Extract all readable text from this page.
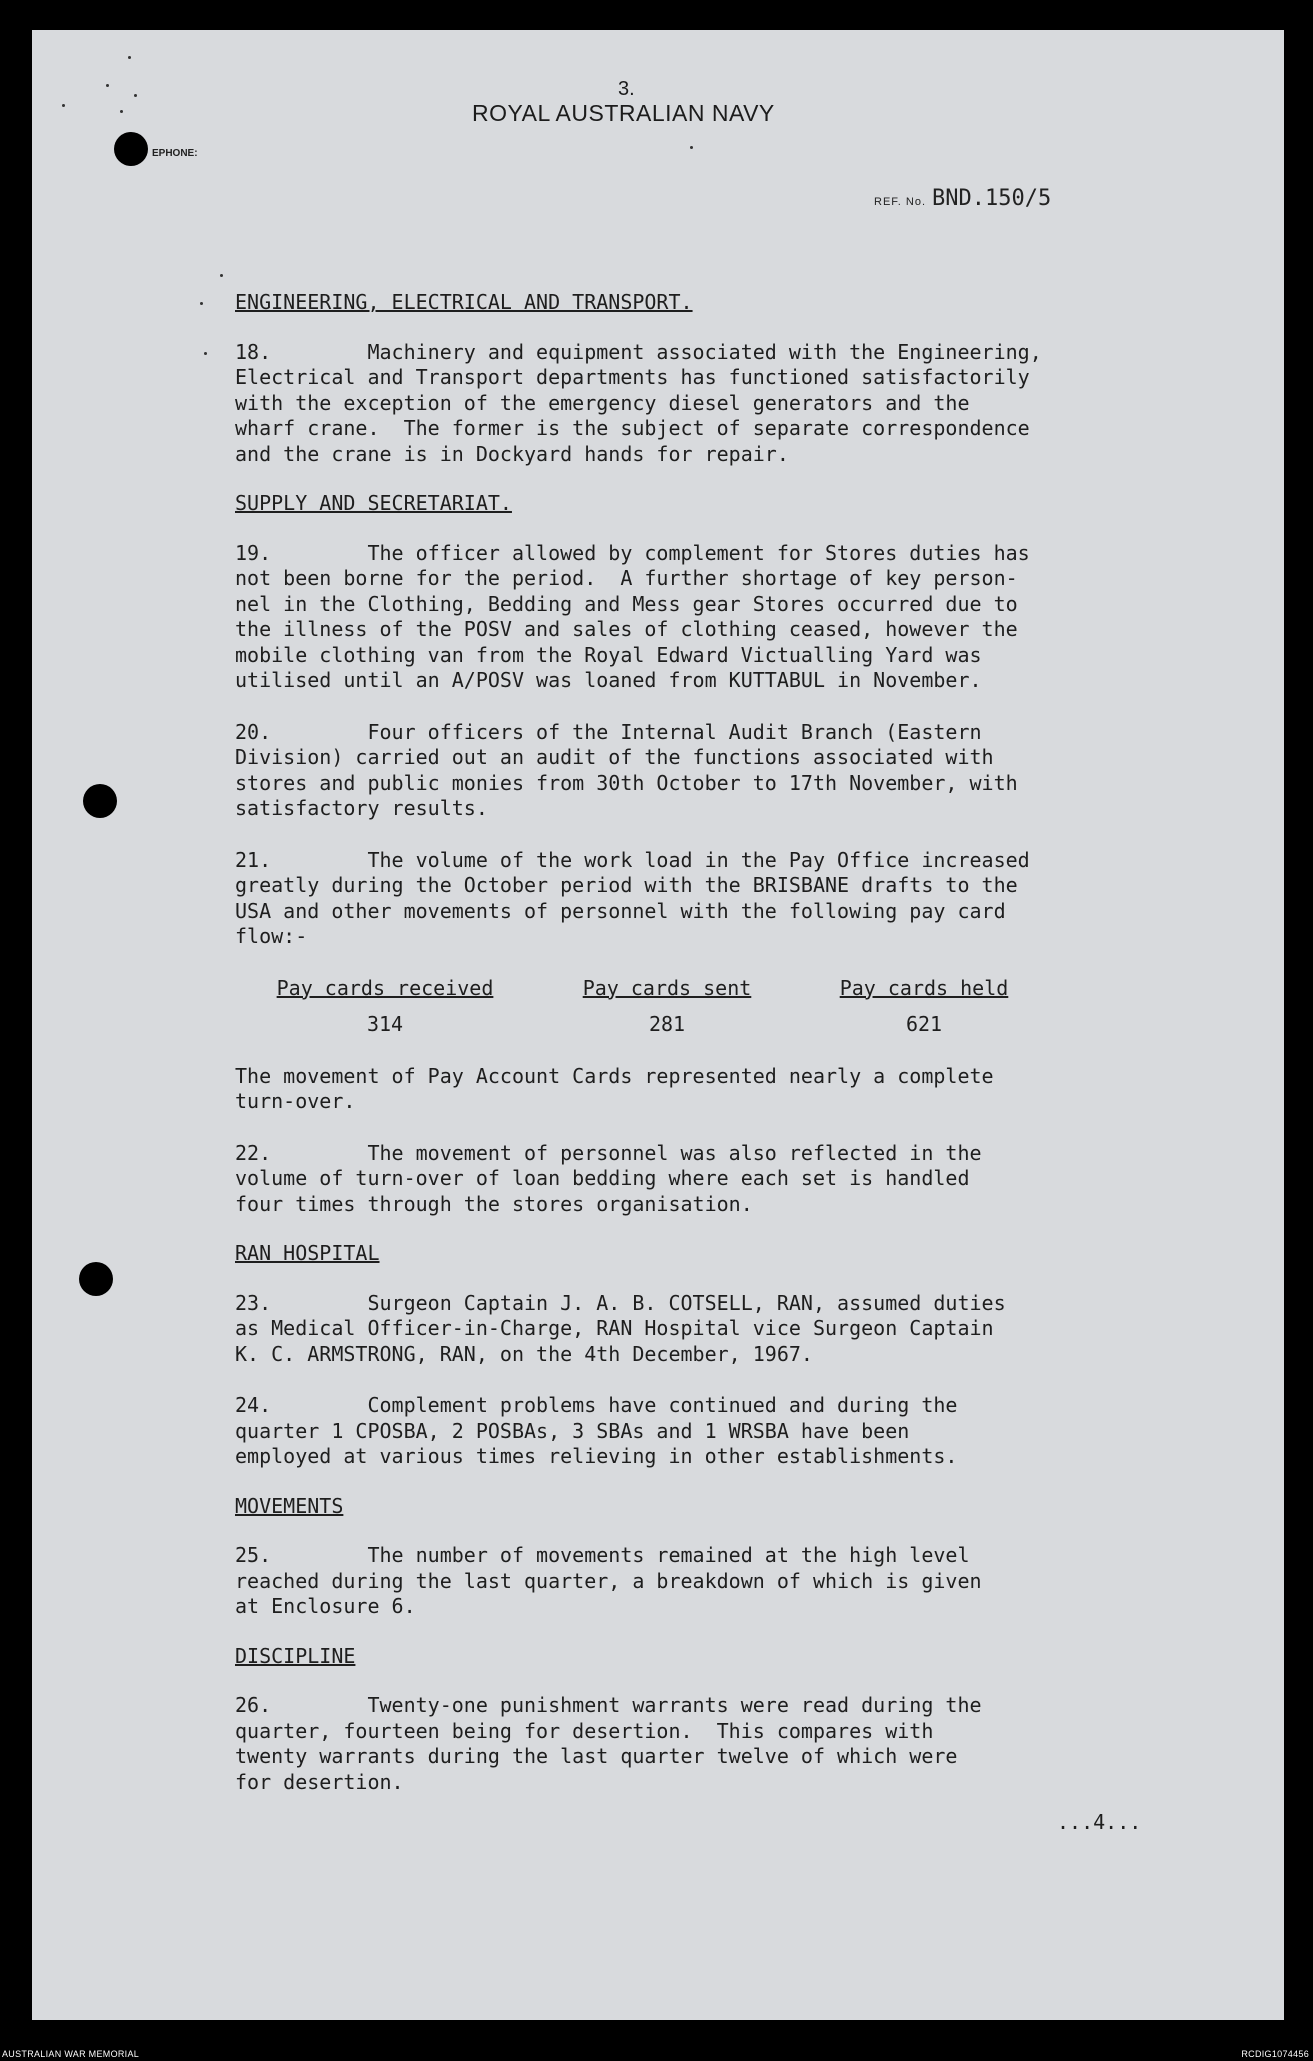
3.
ROYAL AUSTRALIAN NAVY
EPHONE:
REF. No. BND.150/5
...4...

ENGINEERING, ELECTRICAL AND TRANSPORT.

18.        Machinery and equipment associated with the Engineering,
Electrical and Transport departments has functioned satisfactorily
with the exception of the emergency diesel generators and the
wharf crane.  The former is the subject of separate correspondence
and the crane is in Dockyard hands for repair.

SUPPLY AND SECRETARIAT.

19.        The officer allowed by complement for Stores duties has
not been borne for the period.  A further shortage of key person-
nel in the Clothing, Bedding and Mess gear Stores occurred due to
the illness of the POSV and sales of clothing ceased, however the
mobile clothing van from the Royal Edward Victualling Yard was
utilised until an A/POSV was loaned from KUTTABUL in November.

20.        Four officers of the Internal Audit Branch (Eastern
Division) carried out an audit of the functions associated with
stores and public monies from 30th October to 17th November, with
satisfactory results.

21.        The volume of the work load in the Pay Office increased
greatly during the October period with the BRISBANE drafts to the
USA and other movements of personnel with the following pay card
flow:-

Pay cards received	Pay cards sent	Pay cards held
314	281	621

The movement of Pay Account Cards represented nearly a complete
turn-over.

22.        The movement of personnel was also reflected in the
volume of turn-over of loan bedding where each set is handled
four times through the stores organisation.

RAN HOSPITAL

23.        Surgeon Captain J. A. B. COTSELL, RAN, assumed duties
as Medical Officer-in-Charge, RAN Hospital vice Surgeon Captain
K. C. ARMSTRONG, RAN, on the 4th December, 1967.

24.        Complement problems have continued and during the
quarter 1 CPOSBA, 2 POSBAs, 3 SBAs and 1 WRSBA have been
employed at various times relieving in other establishments.

MOVEMENTS

25.        The number of movements remained at the high level
reached during the last quarter, a breakdown of which is given
at Enclosure 6.

DISCIPLINE

26.        Twenty-one punishment warrants were read during the
quarter, fourteen being for desertion.  This compares with
twenty warrants during the last quarter twelve of which were
for desertion.

AUSTRALIAN WAR MEMORIAL	RCDIG1074456
